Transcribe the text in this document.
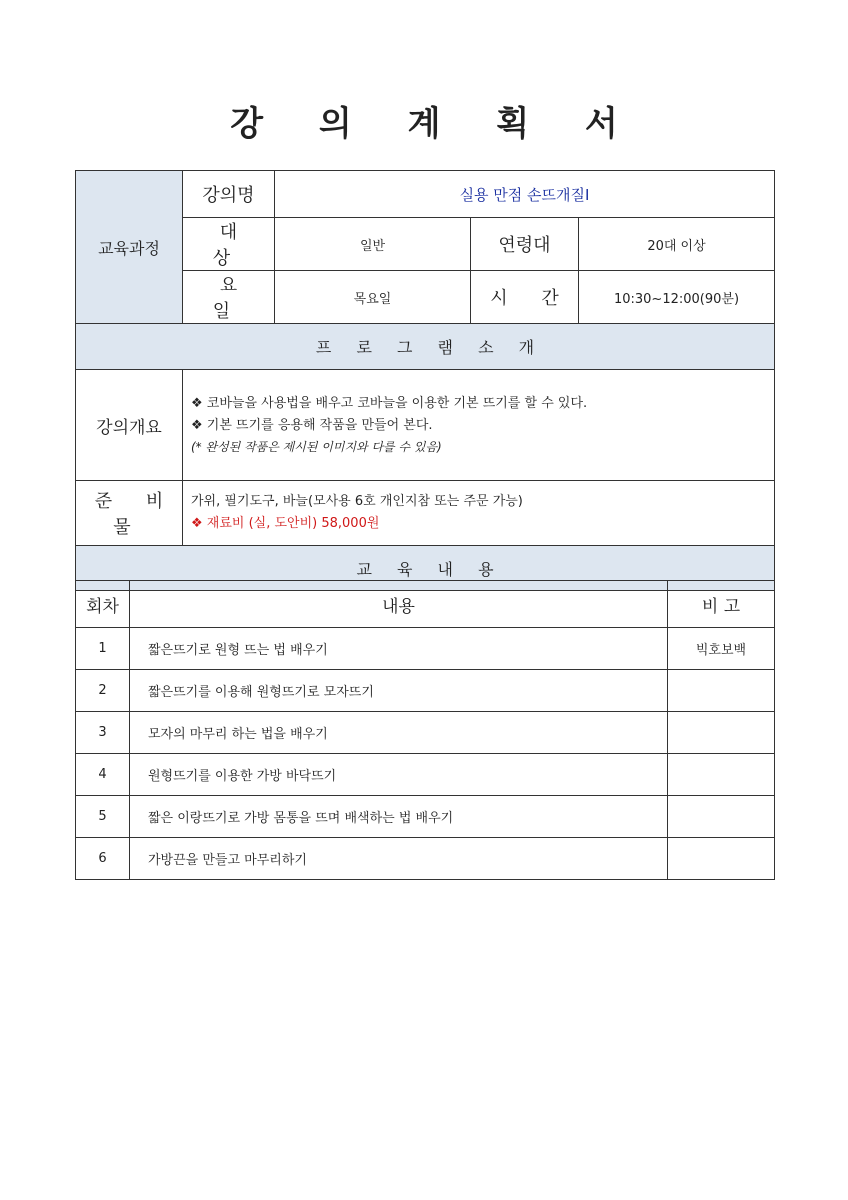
강 의 계 획 서
교육과정	강의명	실용 만점 손뜨개질Ⅰ		
	대 상	일반	연령대	20대 이상
	요 일	목요일	시 간	10:30~12:00(90분)
프 로 그 램 소 개				
강의개요	❖ 코바늘을 사용법을 배우고 코바늘을 이용한 기본 뜨기를 할 수 있다.
❖ 기본 뜨기를 응용해 작품을 만들어 본다.
(* 완성된 작품은 제시된 이미지와 다를 수 있음)			

준 비 물	가위, 필기도구, 바늘(모사용 6호 개인지참 또는 주문 가능)
❖ 재료비 (실, 도안비) 58,000원			

교 육 내 용				
회차	내용	비 고
1	짧은뜨기로 원형 뜨는 법 배우기	빅호보백
2	짧은뜨기를 이용해 원형뜨기로 모자뜨기	
3	모자의 마무리 하는 법을 배우기	
4	원형뜨기를 이용한 가방 바닥뜨기	
5	짧은 이랑뜨기로 가방 몸통을 뜨며 배색하는 법 배우기	
6	가방끈을 만들고 마무리하기	
